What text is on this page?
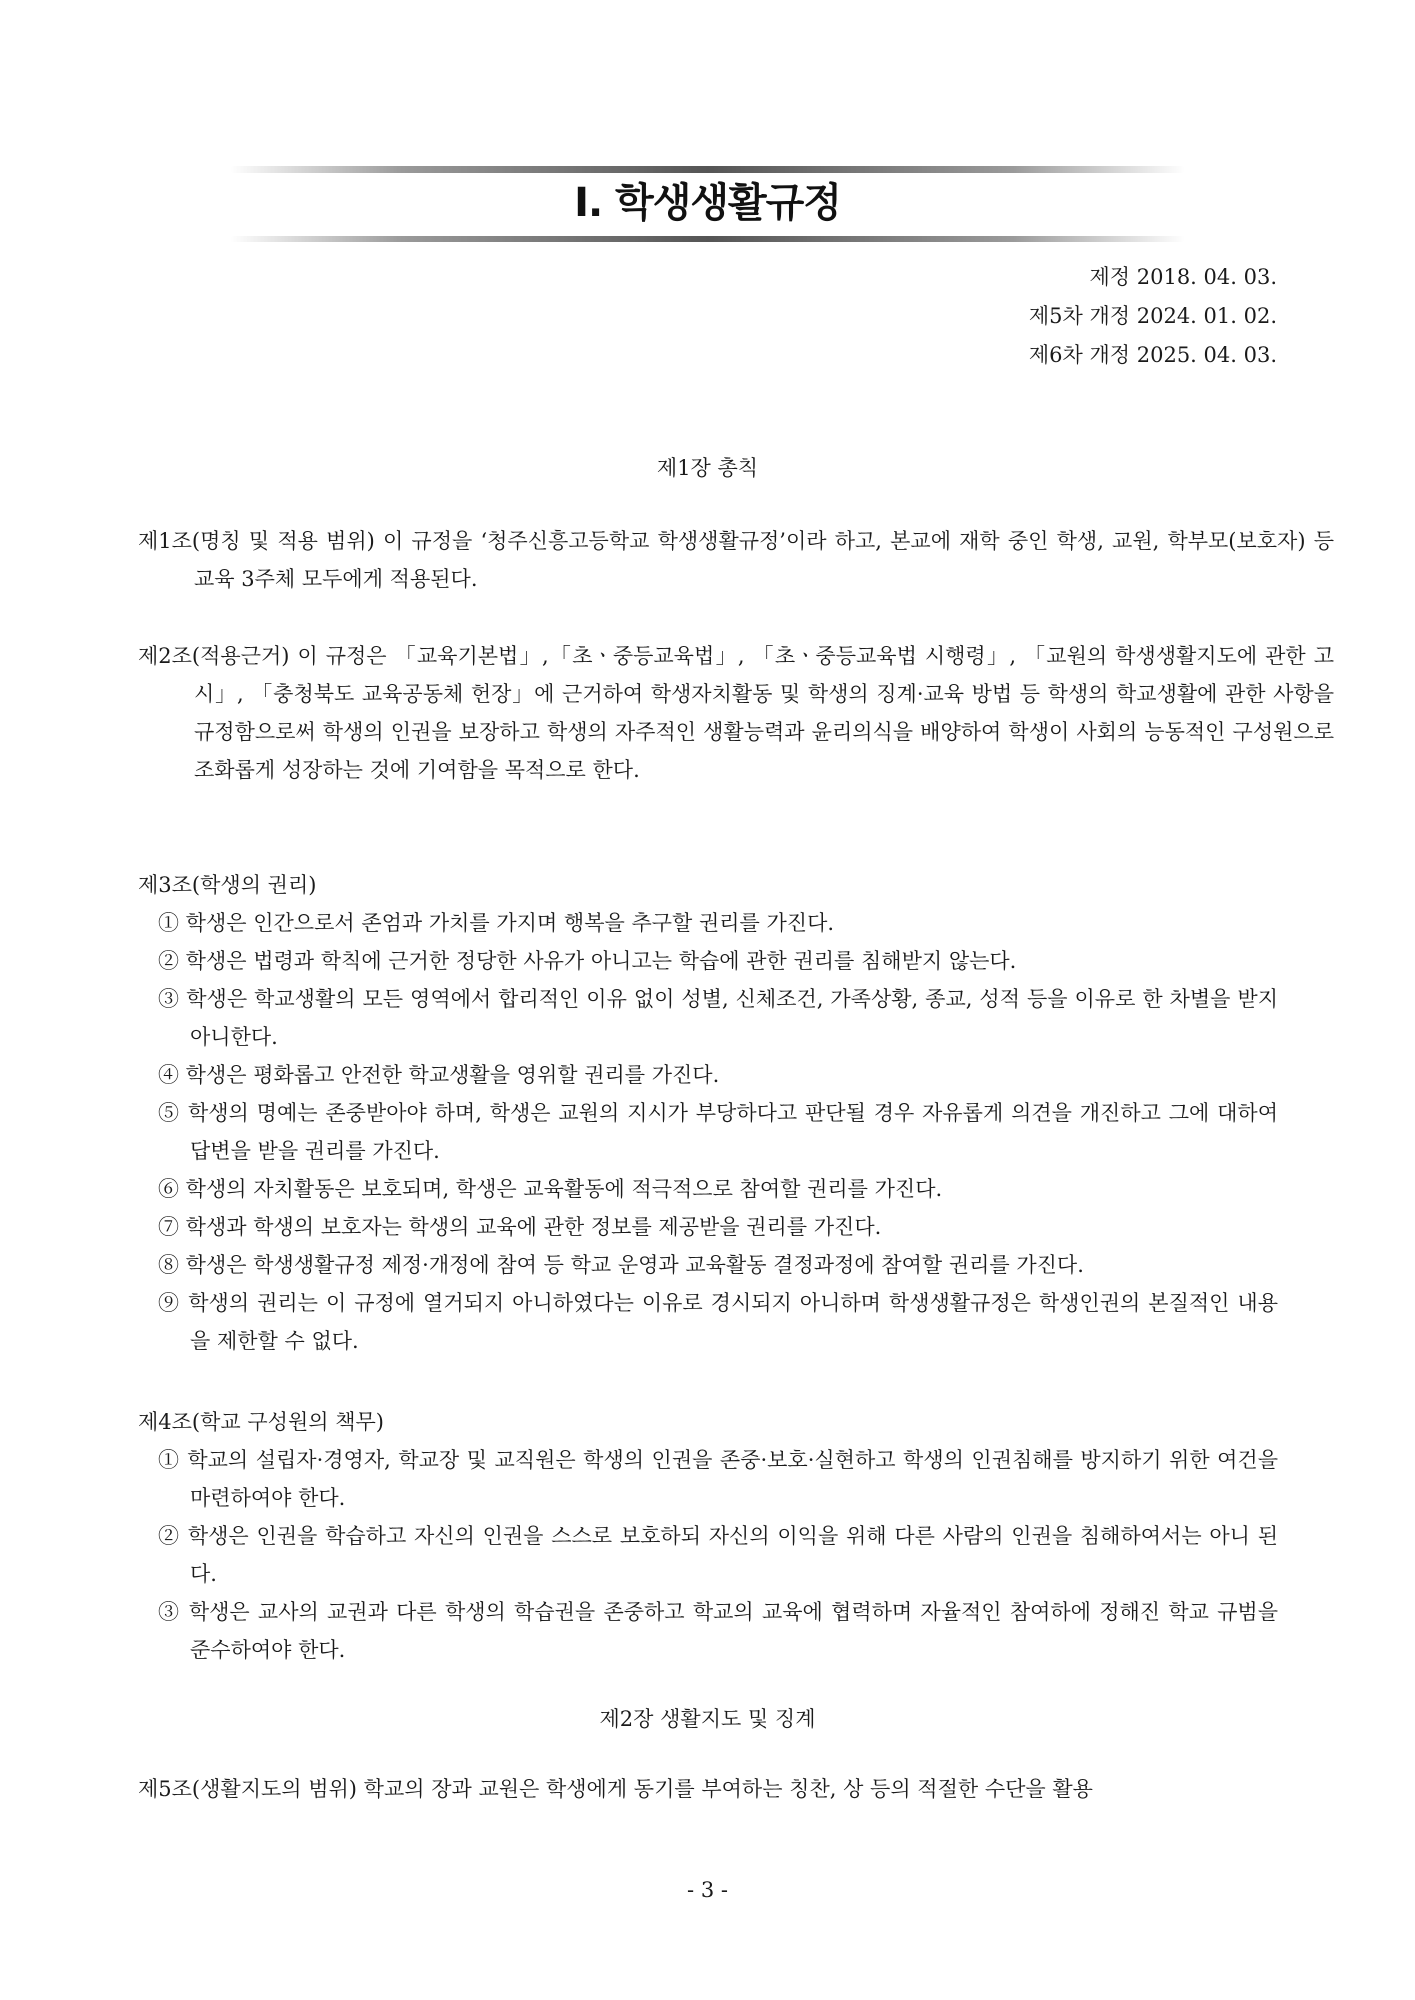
Ⅰ. 학생생활규정
제정 2018. 04. 03.
제5차 개정 2024. 01. 02.
제6차 개정 2025. 04. 03.
제1장 총칙

제1조(명칭 및 적용 범위) 이 규정을 ‘청주신흥고등학교 학생생활규정’이라 하고, 본교에 재학 중인 학생, 교원, 학부모(보호자) 등 교육 3주체 모두에게 적용된다.

제2조(적용근거) 이 규정은 「교육기본법」,「초ㆍ중등교육법」, 「초ㆍ중등교육법 시행령」, 「교원의 학생생활지도에 관한 고시」, 「충청북도 교육공동체 헌장」에 근거하여 학생자치활동 및 학생의 징계·교육 방법 등 학생의 학교생활에 관한 사항을 규정함으로써 학생의 인권을 보장하고 학생의 자주적인 생활능력과 윤리의식을 배양하여 학생이 사회의 능동적인 구성원으로 조화롭게 성장하는 것에 기여함을 목적으로 한다.

제3조(학생의 권리)

① 학생은 인간으로서 존엄과 가치를 가지며 행복을 추구할 권리를 가진다.

② 학생은 법령과 학칙에 근거한 정당한 사유가 아니고는 학습에 관한 권리를 침해받지 않는다.

③ 학생은 학교생활의 모든 영역에서 합리적인 이유 없이 성별, 신체조건, 가족상황, 종교, 성적 등을 이유로 한 차별을 받지 아니한다.

④ 학생은 평화롭고 안전한 학교생활을 영위할 권리를 가진다.

⑤ 학생의 명예는 존중받아야 하며, 학생은 교원의 지시가 부당하다고 판단될 경우 자유롭게 의견을 개진하고 그에 대하여 답변을 받을 권리를 가진다.

⑥ 학생의 자치활동은 보호되며, 학생은 교육활동에 적극적으로 참여할 권리를 가진다.

⑦ 학생과 학생의 보호자는 학생의 교육에 관한 정보를 제공받을 권리를 가진다.

⑧ 학생은 학생생활규정 제정·개정에 참여 등 학교 운영과 교육활동 결정과정에 참여할 권리를 가진다.

⑨ 학생의 권리는 이 규정에 열거되지 아니하였다는 이유로 경시되지 아니하며 학생생활규정은 학생인권의 본질적인 내용을 제한할 수 없다.

제4조(학교 구성원의 책무)

① 학교의 설립자·경영자, 학교장 및 교직원은 학생의 인권을 존중·보호·실현하고 학생의 인권침해를 방지하기 위한 여건을 마련하여야 한다.

② 학생은 인권을 학습하고 자신의 인권을 스스로 보호하되 자신의 이익을 위해 다른 사람의 인권을 침해하여서는 아니 된다.

③ 학생은 교사의 교권과 다른 학생의 학습권을 존중하고 학교의 교육에 협력하며 자율적인 참여하에 정해진 학교 규범을 준수하여야 한다.

제2장 생활지도 및 징계

제5조(생활지도의 범위) 학교의 장과 교원은 학생에게 동기를 부여하는 칭찬, 상 등의 적절한 수단을 활용

- 3 -
